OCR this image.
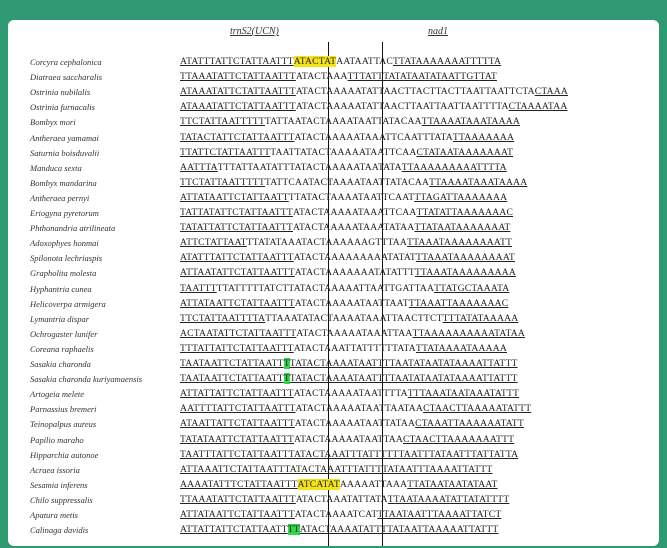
trnS2(UCN)	nad1
Corcyra cephalonica	ATATTTATTCTATTAATTTATACTATAATAATTACTTATAAAAAAATTTTTA
Diatraea saccharalis	TTAAATATTCTATTAATTTATACTAAATTTATTTATATAATATAATTGTTAT
Ostrinia nubilalis	ATAAATATTCTATTAATTTATACTAAAAATATTAACTTACTTACTTAATTAATTCTACTAAA
Ostrinia furnacalis	ATAAATATTCTATTAATTTATACTAAAAATATTAACTTAATTAATTAATTTTACTAAAATAA
Bombyx mori	TTCTATTAATTTTTTATTAATACTAAAATAATTATACAATTAAAATAAATAAAA
Antheraea yamamai	TATACTATTCTATTAATTTATACTAAAAATAAATTCAATTTATATTAAAAAAA
Saturnia boisduvalii	TTATTCTATTAATTTTAATTATACTAAAAATAATTCAACTATAATAAAAAAAT
Manduca sexta	AATTTATTTATTAATATTTATACTAAAAATAATATATTAAAAAAAAATTTTA
Bombyx mandarina	TTCTATTAATTTTTTATTCAATACTAAAATAATTATACAATTAAAATAAATAAAA
Antheraea pernyi	ATTATAATTCTATTAATTTTATACTAAAATAATTCAATTTAGATTAAAAAAA
Eriogyna pyretorum	TATTATATTCTATTAATTTATACTAAAAATAAATTCAATTATATTAAAAAAAC
Phthonandria atrilineata	TATATTATTCTATTAATTTATACTAAAAATAAATATAATTATAATAAAAAAAT
Adoxophyes honmai	ATTCTATTAATTTATATAAATACTAAAAAAGTTTAATTAAATAAAAAAAATT
Spilonota lechriaspis	ATATTTATTCTATTAATTTATACTAAAAAAAAATATATTTAAATAAAAAAAAT
Grapholita molesta	ATTAATATTCTATTAATTTATACTAAAAAAATATATTTTTAAATAAAAAAAAA
Hyphantria cunea	TAATTTTTATTTTTATCTTATACTAAAAATTAATTGATTAATTATGCTAAATA
Helicoverpa armigera	ATTATAATTCTATTAATTTATACTAAAAATAATTAATTTAAATTAAAAAAAC
Lymantria dispar	TTCTATTAATTTTATTAAATATACTAAAATAAATTAACTTCTTTTATATAAAAA
Ochrogaster lunifer	ACTAATATTCTATTAATTTATACTAAAAATAAATTAATTAAAAAAAAAATATAA
Coreana raphaelis	TTTATTATTCTATTAATTTATACTAAATTATTTTTTATATTATAAAATAAAAA
Sasakia charonda	TAATAATTCTATTAATTTTATACTAAAATAATTTTAATATAATATAAAATTATTT
Sasakia charonda kuriyamaensis	TAATAATTCTATTAATTTTATACTAAAATAATTTTAATATAATATAAAATTATTT
Artogeia melete	ATTATTATTCTATTAATTTATACTAAAAATAATTTTATTTAAATAATAAATATTT
Parnassius bremeri	AATTTTATTCTATTAATTTATACTAAAAATAATTAATAACTAACTTAAAAATATTT
Teinopalpus aureus	ATAATTATTCTATTAATTTATACTAAAAATAATTATAACTAAATTAAAAAATATT
Papilio maraho	TATATAATTCTATTAATTTATACTAAAAATAATTAACTAACTTAAAAAAATTT
Hipparchia autonoe	TAATTTATTCTATTAATTTATACTAAATTTATTTTTTAATTTATAATTTATTATTA
Acraea issoria	ATTAAATTCTATTAATTTATACTAAATTTATTTTATAATTTAAAATTATTT
Sesamia inferens	AAAATATTTCTATTAATTTATCATATAAAAATTAAATTATAATAATATAAT
Chilo suppressalis	TTAAATATTCTATTAATTTATACTAAATATTATATTAATAAAATATTATATTTT
Apatura metis	ATTATAATTCTATTAATTTATACTAAAATCATTTAATAATTTAAAATTATCT
Calinaga davidis	ATTATTATTCTATTAATTTTATACTAAAATATTTTATAATTAAAAATTATTT
